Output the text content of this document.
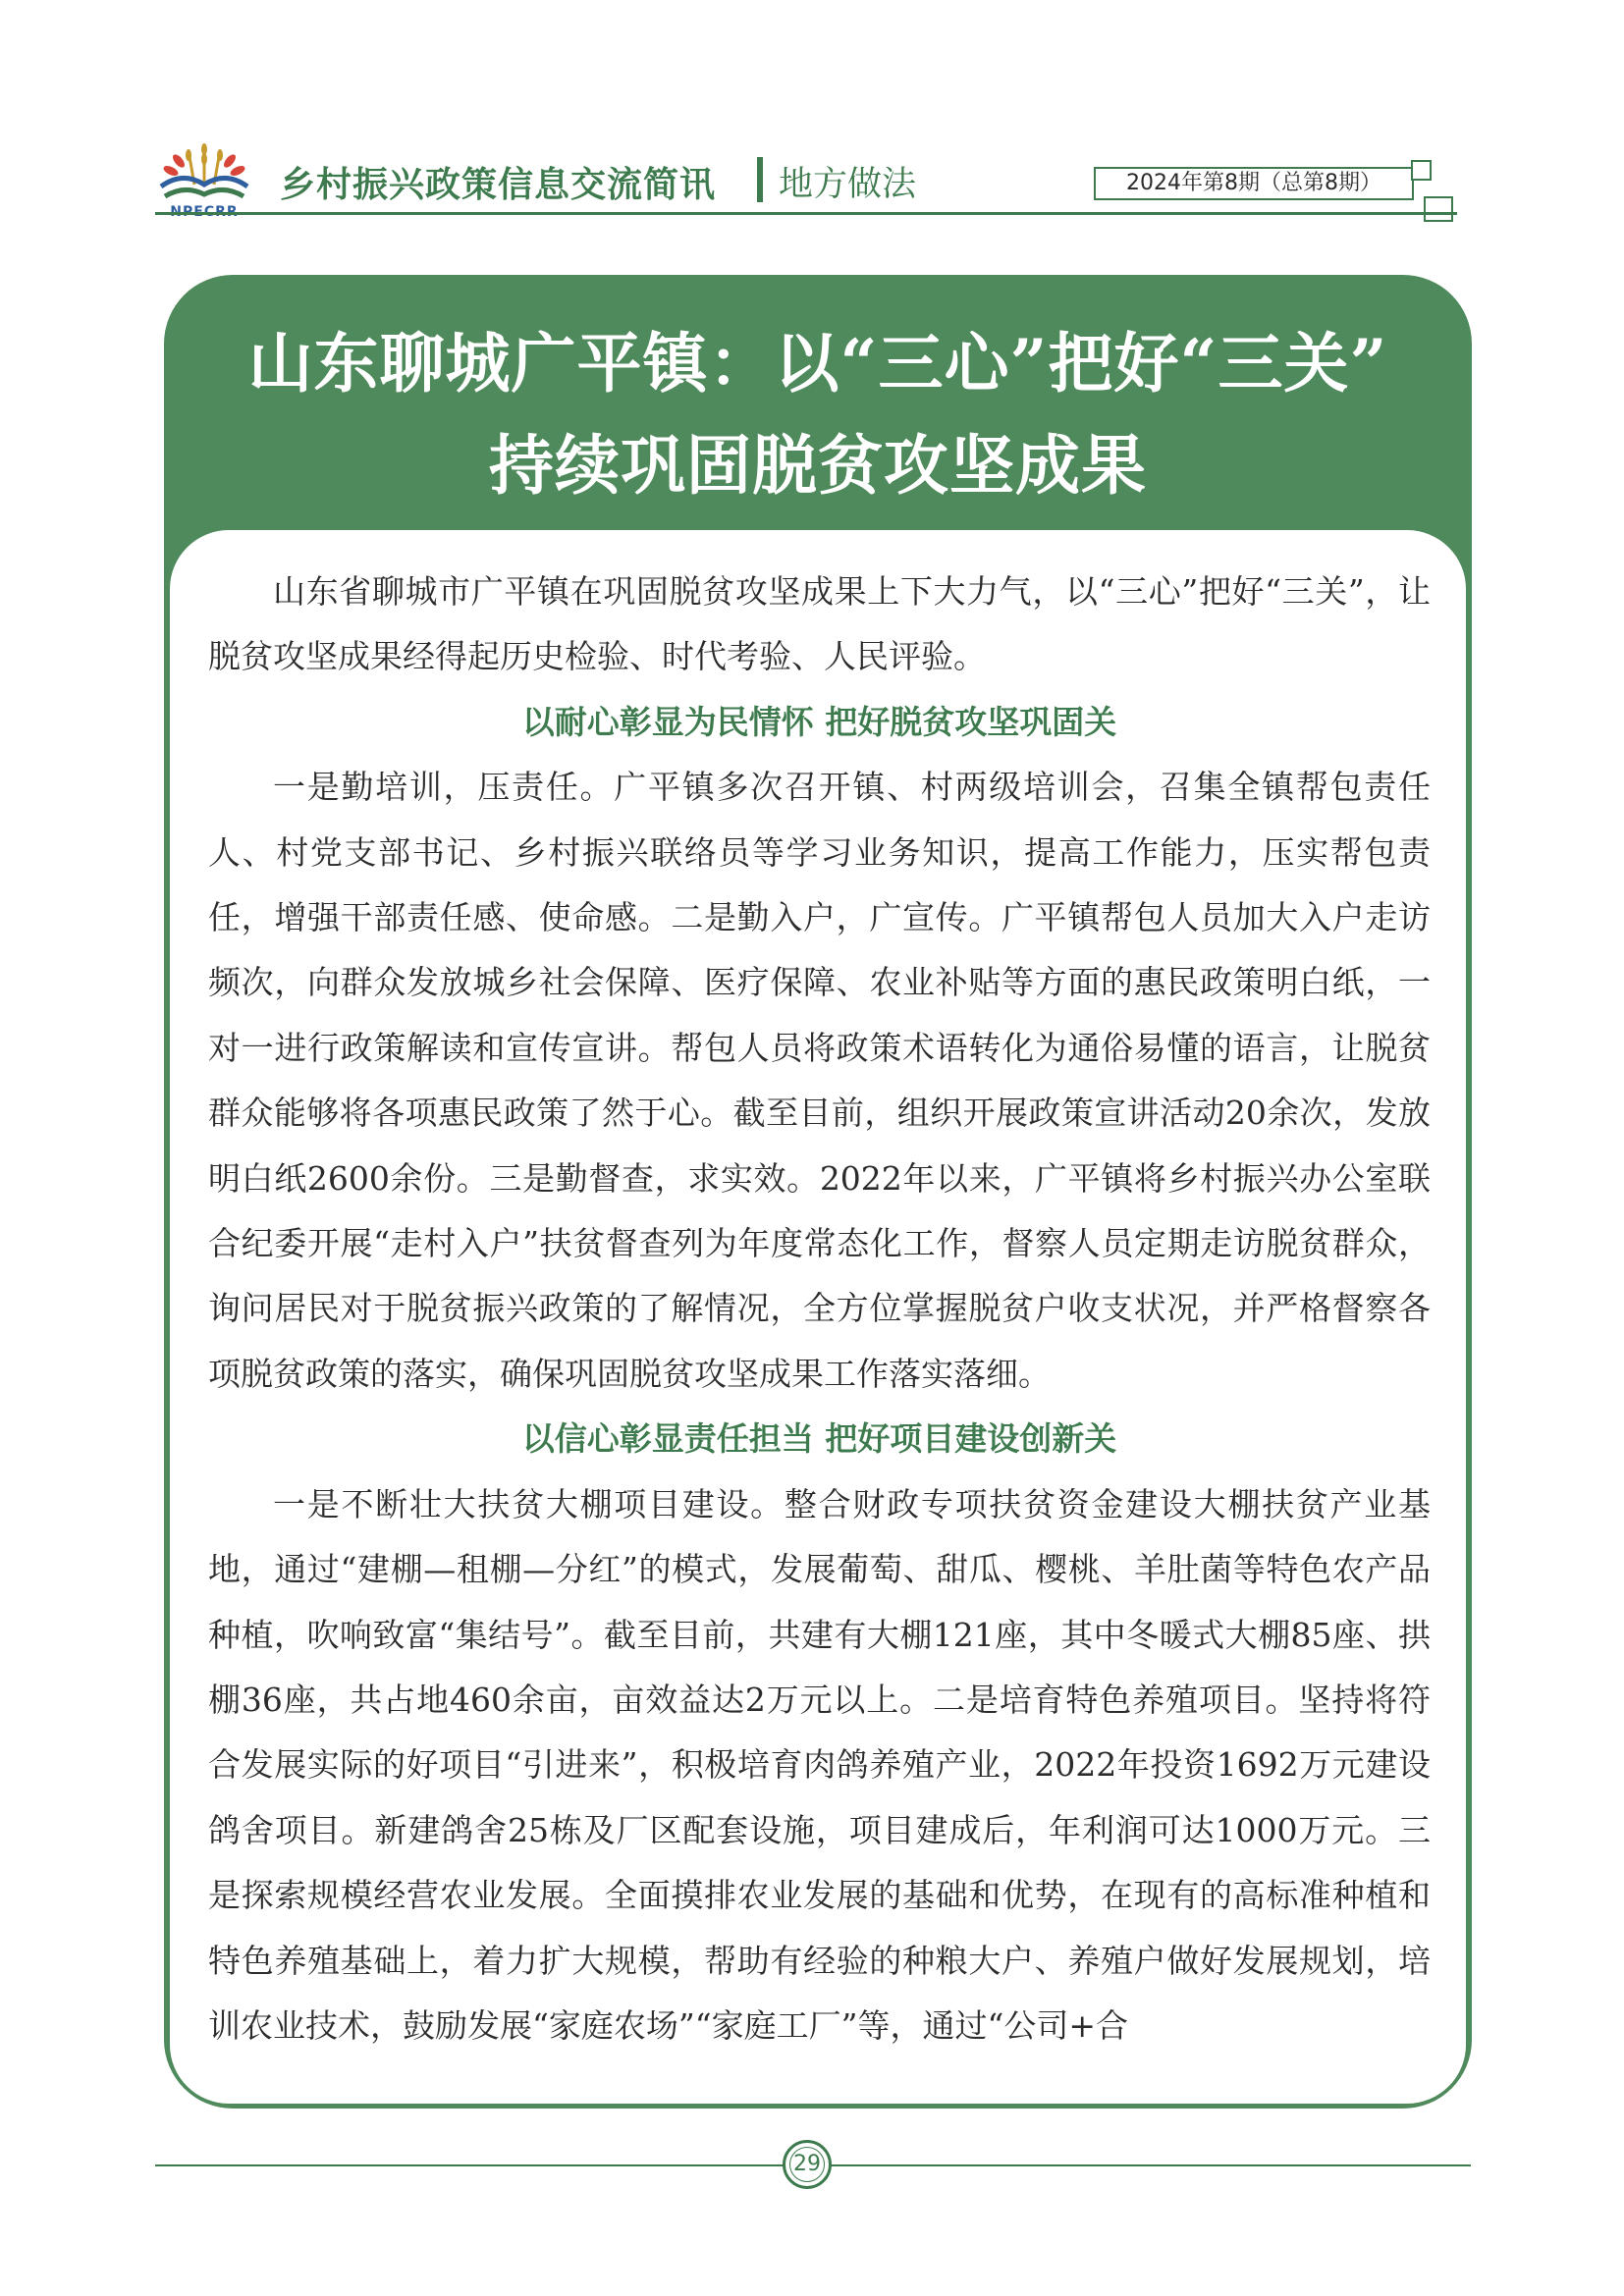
乡村振兴政策信息交流简讯 地方做法	2024年第8期（总第8期）
山东聊城广平镇：以“三心”把好“三关”
持续巩固脱贫攻坚成果

山东省聊城市广平镇在巩固脱贫攻坚成果上下大力气，以“三心”把好“三关”，让脱贫攻坚成果经得起历史检验、时代考验、人民评验。

以耐心彰显为民情怀 把好脱贫攻坚巩固关

一是勤培训，压责任。广平镇多次召开镇、村两级培训会，召集全镇帮包责任人、村党支部书记、乡村振兴联络员等学习业务知识，提高工作能力，压实帮包责任，增强干部责任感、使命感。二是勤入户，广宣传。广平镇帮包人员加大入户走访频次，向群众发放城乡社会保障、医疗保障、农业补贴等方面的惠民政策明白纸，一对一进行政策解读和宣传宣讲。帮包人员将政策术语转化为通俗易懂的语言，让脱贫群众能够将各项惠民政策了然于心。截至目前，组织开展政策宣讲活动20余次，发放明白纸2600余份。三是勤督查，求实效。2022年以来，广平镇将乡村振兴办公室联合纪委开展“走村入户”扶贫督查列为年度常态化工作，督察人员定期走访脱贫群众，询问居民对于脱贫振兴政策的了解情况，全方位掌握脱贫户收支状况，并严格督察各项脱贫政策的落实，确保巩固脱贫攻坚成果工作落实落细。

以信心彰显责任担当 把好项目建设创新关

一是不断壮大扶贫大棚项目建设。整合财政专项扶贫资金建设大棚扶贫产业基地，通过“建棚—租棚—分红”的模式，发展葡萄、甜瓜、樱桃、羊肚菌等特色农产品种植，吹响致富“集结号”。截至目前，共建有大棚121座，其中冬暖式大棚85座、拱棚36座，共占地460余亩，亩效益达2万元以上。二是培育特色养殖项目。坚持将符合发展实际的好项目“引进来”，积极培育肉鸽养殖产业，2022年投资1692万元建设鸽舍项目。新建鸽舍25栋及厂区配套设施，项目建成后，年利润可达1000万元。三是探索规模经营农业发展。全面摸排农业发展的基础和优势，在现有的高标准种植和特色养殖基础上，着力扩大规模，帮助有经验的种粮大户、养殖户做好发展规划，培训农业技术，鼓励发展“家庭农场”“家庭工厂”等，通过“公司+合

29
